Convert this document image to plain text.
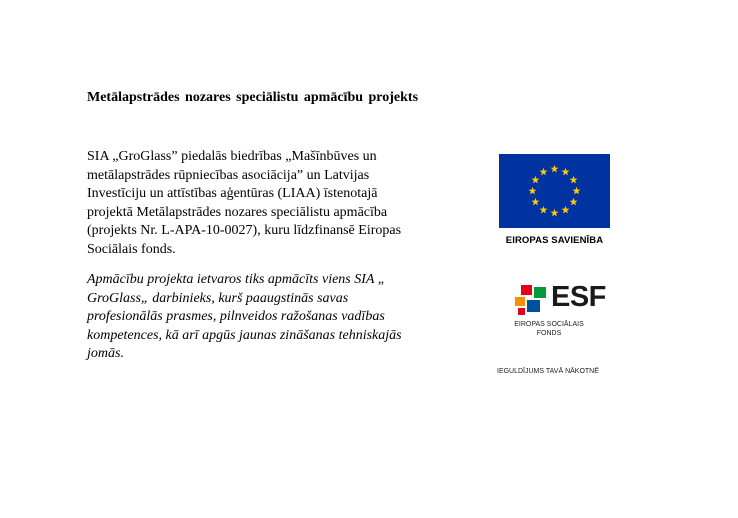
Metālapstrādes nozares speciālistu apmācību projekts
SIA „GroGlass” piedalās biedrības „Mašīnbūves un
metālapstrādes rūpniecības asociācija” un Latvijas
Investīciju un attīstības aģentūras (LIAA) īstenotajā
projektā Metālapstrādes nozares speciālistu apmācība
(projekts Nr. L-APA-10-0027), kuru līdzfinansē Eiropas
Sociālais fonds.
Apmācību projekta ietvaros tiks apmācīts viens SIA „
GroGlass„ darbinieks, kurš paaugstinās savas
profesionālās prasmes, pilnveidos ražošanas vadības
kompetences, kā arī apgūs jaunas zināšanas tehniskajās
jomās.
EIROPAS SAVIENĪBA
ESF
EIROPAS SOCIĀLAIS
FONDS
IEGULDĪJUMS TAVĀ NĀKOTNĒ
